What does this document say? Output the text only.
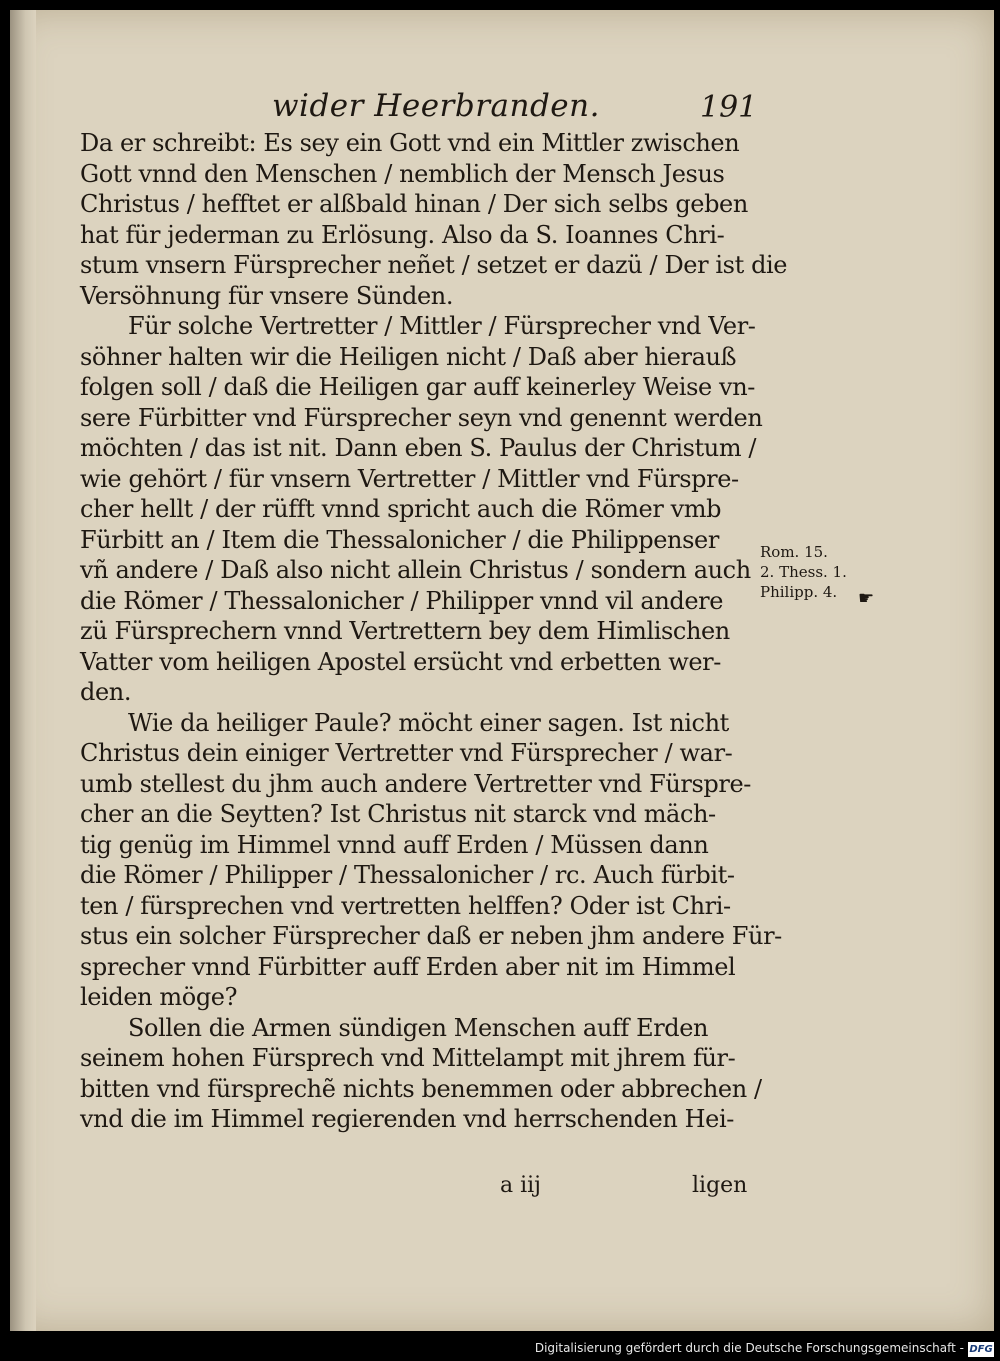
wider Heerbranden.	191
Da er schreibt: Es sey ein Gott vnd ein Mittler zwischen
Gott vnnd den Menschen / nemblich der Mensch Jesus
Christus / hefftet er alßbald hinan / Der sich selbs geben
hat für jederman zu Erlösung. Also da S. Ioannes Chri-
stum vnsern Fürsprecher neñet / setzet er dazü / Der ist die
Versöhnung für vnsere Sünden.
Für solche Vertretter / Mittler / Fürsprecher vnd Ver-
söhner halten wir die Heiligen nicht / Daß aber hierauß
folgen soll / daß die Heiligen gar auff keinerley Weise vn-
sere Fürbitter vnd Fürsprecher seyn vnd genennt werden
möchten / das ist nit. Dann eben S. Paulus der Christum /
wie gehört / für vnsern Vertretter / Mittler vnd Fürspre-
cher hellt / der rüfft vnnd spricht auch die Römer vmb
Fürbitt an / Item die Thessalonicher / die Philippenser
vñ andere / Daß also nicht allein Christus / sondern auch
die Römer / Thessalonicher / Philipper vnnd vil andere
zü Fürsprechern vnnd Vertrettern bey dem Himlischen
Vatter vom heiligen Apostel ersücht vnd erbetten wer-
den.
Wie da heiliger Paule? möcht einer sagen. Ist nicht
Christus dein einiger Vertretter vnd Fürsprecher / war-
umb stellest du jhm auch andere Vertretter vnd Fürspre-
cher an die Seytten? Ist Christus nit starck vnd mäch-
tig genüg im Himmel vnnd auff Erden / Müssen dann
die Römer / Philipper / Thessalonicher / rc. Auch fürbit-
ten / fürsprechen vnd vertretten helffen? Oder ist Chri-
stus ein solcher Fürsprecher daß er neben jhm andere Für-
sprecher vnnd Fürbitter auff Erden aber nit im Himmel
leiden möge?
Sollen die Armen sündigen Menschen auff Erden
seinem hohen Fürsprech vnd Mittelampt mit jhrem für-
bitten vnd fürsprechẽ nichts benemmen oder abbrechen /
vnd die im Himmel regierenden vnd herrschenden Hei-
Rom. 15.
2. Thess. 1.
Philipp. 4.	☛
a iij	ligen
Digitalisierung gefördert durch die Deutsche Forschungsgemeinschaft - DFG
